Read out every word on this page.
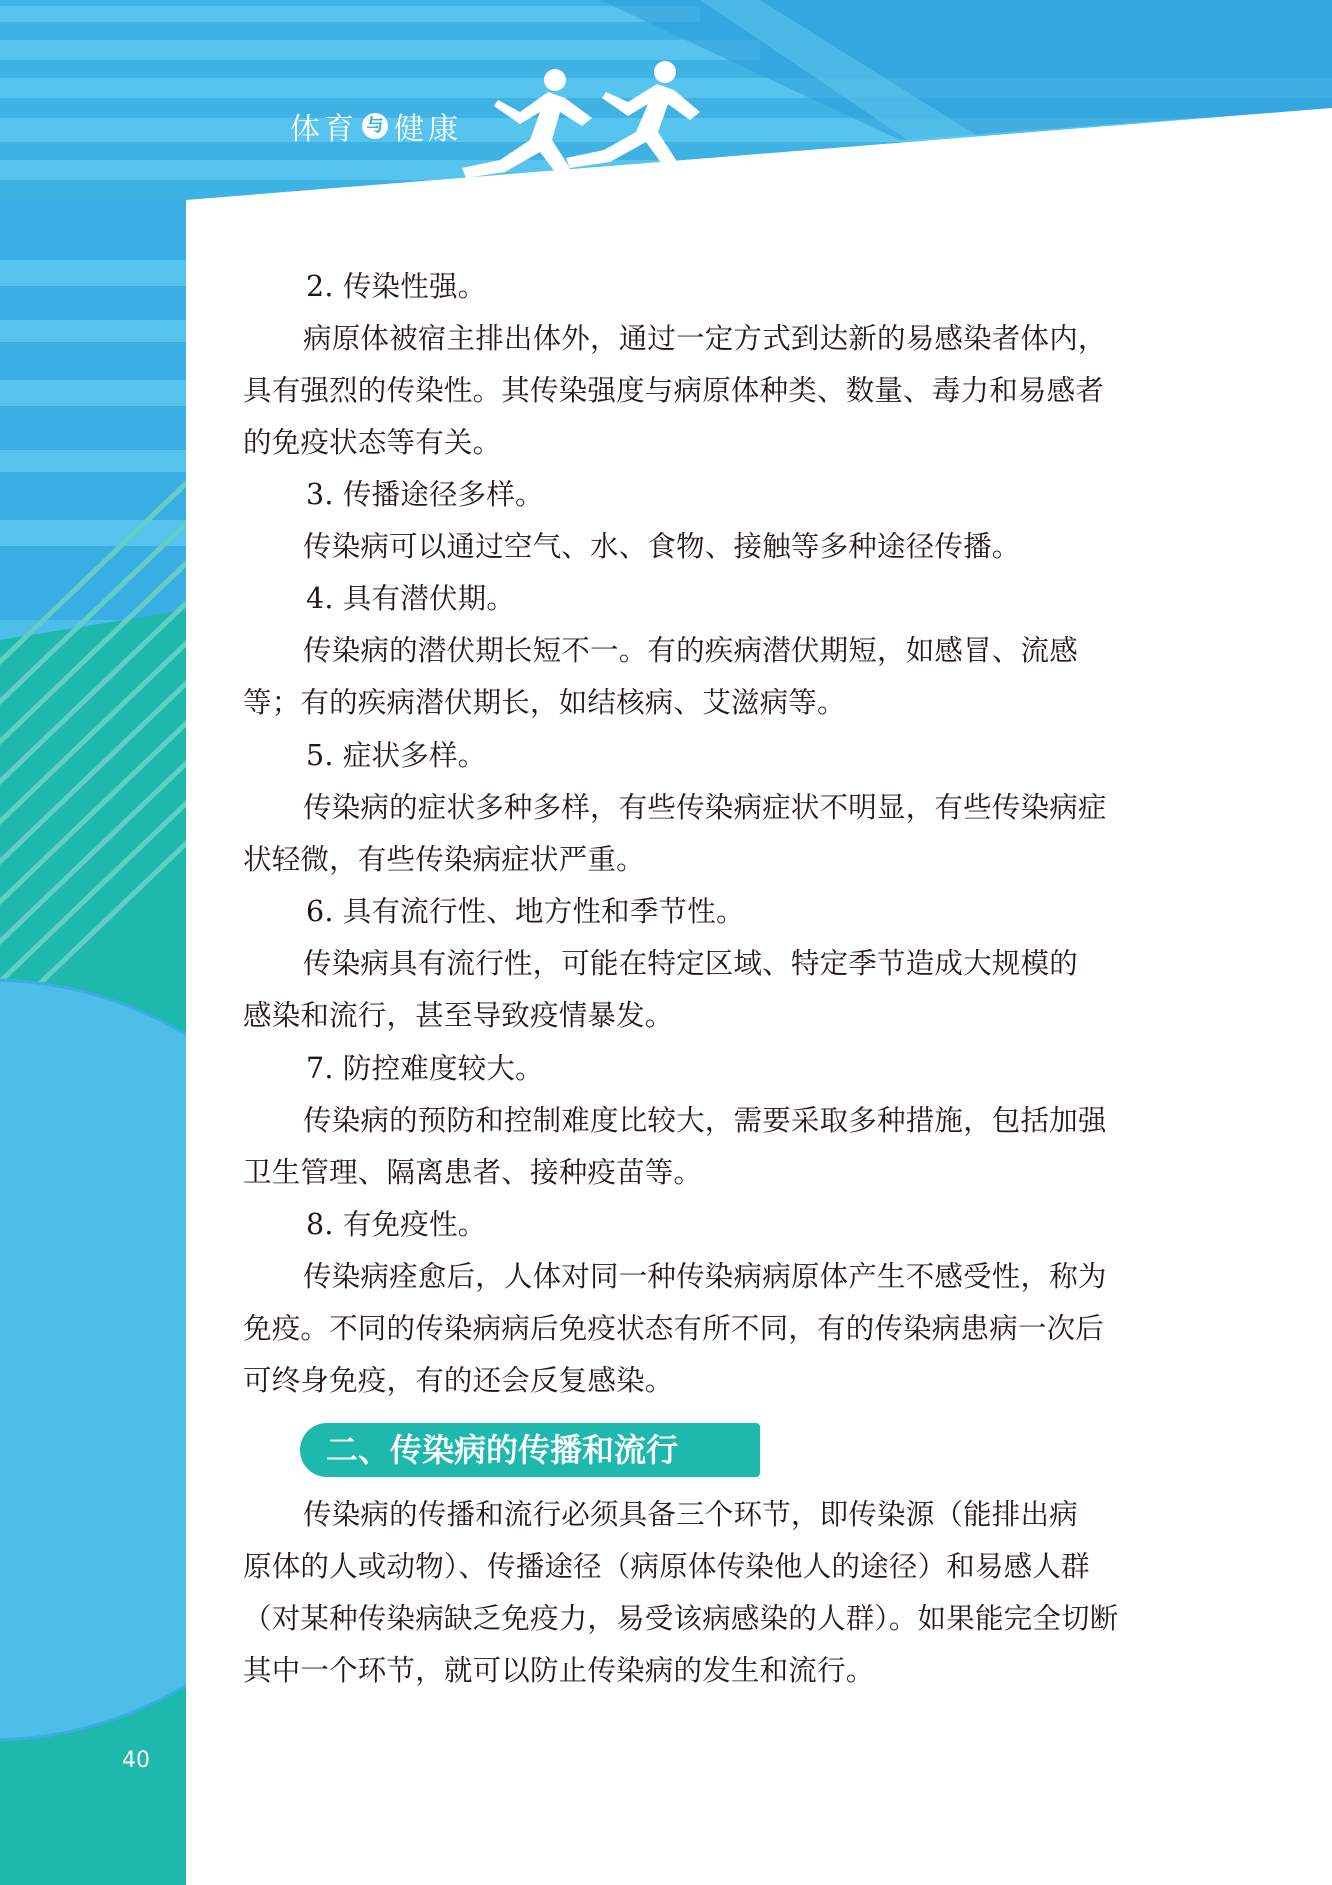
体育 与 健康

2. 传染性强。

病原体被宿主排出体外，通过一定方式到达新的易感染者体内，

具有强烈的传染性。其传染强度与病原体种类、数量、毒力和易感者

的免疫状态等有关。

3. 传播途径多样。

传染病可以通过空气、水、食物、接触等多种途径传播。

4. 具有潜伏期。

传染病的潜伏期长短不一。有的疾病潜伏期短，如感冒、流感

等；有的疾病潜伏期长，如结核病、艾滋病等。

5. 症状多样。

传染病的症状多种多样，有些传染病症状不明显，有些传染病症

状轻微，有些传染病症状严重。

6. 具有流行性、地方性和季节性。

传染病具有流行性，可能在特定区域、特定季节造成大规模的

感染和流行，甚至导致疫情暴发。

7. 防控难度较大。

传染病的预防和控制难度比较大，需要采取多种措施，包括加强

卫生管理、隔离患者、接种疫苗等。

8. 有免疫性。

传染病痊愈后，人体对同一种传染病病原体产生不感受性，称为

免疫。不同的传染病病后免疫状态有所不同，有的传染病患病一次后

可终身免疫，有的还会反复感染。

二、传染病的传播和流行

传染病的传播和流行必须具备三个环节，即传染源（能排出病

原体的人或动物）、传播途径（病原体传染他人的途径）和易感人群

（对某种传染病缺乏免疫力，易受该病感染的人群）。如果能完全切断

其中一个环节，就可以防止传染病的发生和流行。

40
